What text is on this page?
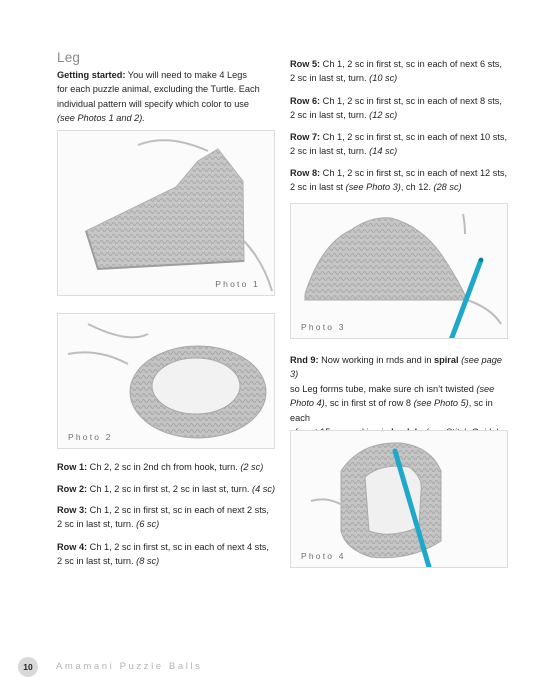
Leg
Getting started: You will need to make 4 Legs
for each puzzle animal, excluding the Turtle. Each
individual pattern will specify which color to use
(see Photos 1 and 2).
Photo 1
Photo 2
Row 1: Ch 2, 2 sc in 2nd ch from hook, turn. (2 sc)
Row 2: Ch 1, 2 sc in first st, 2 sc in last st, turn. (4 sc)
Row 3: Ch 1, 2 sc in first st, sc in each of next 2 sts,
2 sc in last st, turn. (6 sc)
Row 4: Ch 1, 2 sc in first st, sc in each of next 4 sts,
2 sc in last st, turn. (8 sc)
Row 5: Ch 1, 2 sc in first st, sc in each of next 6 sts,
2 sc in last st, turn. (10 sc)
Row 6: Ch 1, 2 sc in first st, sc in each of next 8 sts,
2 sc in last st, turn. (12 sc)
Row 7: Ch 1, 2 sc in first st, sc in each of next 10 sts,
2 sc in last st, turn. (14 sc)
Row 8: Ch 1, 2 sc in first st, sc in each of next 12 sts,
2 sc in last st (see Photo 3), ch 12. (28 sc)
Photo 3
Rnd 9: Now working in rnds and in spiral (see page 3)
so Leg forms tube, make sure ch isn’t twisted (see
Photo 4), sc in first st of row 8 (see Photo 5), sc in each
Photo 4
10	Amamani Puzzle Balls
